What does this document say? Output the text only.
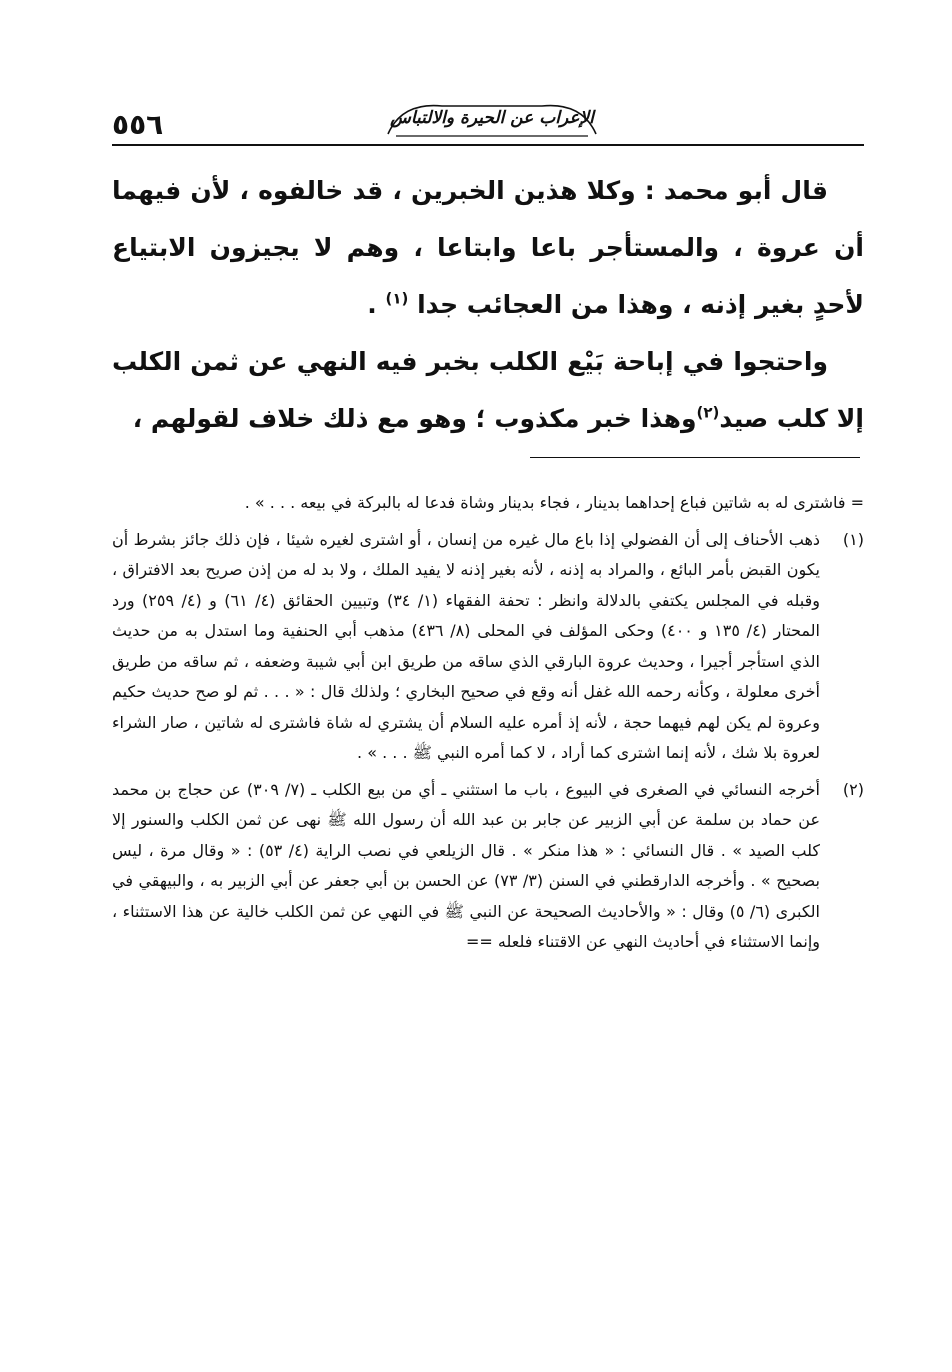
٥٥٦	الإعراب عن الحيرة والالتباس

قال أبو محمد : وكلا هذين الخبرين ، قد خالفوه ، لأن فيهما أن عروة ، والمستأجر باعا وابتاعا ، وهم لا يجيزون الابتياع لأحدٍ بغير إذنه ، وهذا من العجائب جدا $^{(١)}$ .

واحتجوا في إباحة بَيْع الكلب بخبر فيه النهي عن ثمن الكلب إلا كلب صيد$^{(٢)}$وهذا خبر مكذوب ؛ وهو مع ذلك خلاف لقولهم ،

= فاشترى له به شاتين فباع إحداهما بدينار ، فجاء بدينار وشاة فدعا له بالبركة في بيعه . . . » .

(١)
ذهب الأحناف إلى أن الفضولي إذا باع مال غيره من إنسان ، أو اشترى لغيره شيئا ، فإن ذلك جائز بشرط أن يكون القبض بأمر البائع ، والمراد به إذنه ، لأنه بغير إذنه لا يفيد الملك ، ولا بد له من إذن صريح بعد الافتراق ، وقبله في المجلس يكتفي بالدلالة وانظر : تحفة الفقهاء (١/ ٣٤) وتبيين الحقائق (٤/ ٦١) و (٤/ ٢٥٩) ورد المحتار (٤/ ١٣٥ و ٤٠٠) وحكى المؤلف في المحلى (٨/ ٤٣٦) مذهب أبي الحنفية وما استدل به من حديث الذي استأجر أجيرا ، وحديث عروة البارقي الذي ساقه من طريق ابن أبي شيبة وضعفه ، ثم ساقه من طريق أخرى معلولة ، وكأنه رحمه الله غفل أنه وقع في صحيح البخاري ؛ ولذلك قال : « . . . ثم لو صح حديث حكيم وعروة لم يكن لهم فيهما حجة ، لأنه إذ أمره عليه السلام أن يشتري له شاة فاشترى له شاتين ، صار الشراء لعروة بلا شك ، لأنه إنما اشترى كما أراد ، لا كما أمره النبي ﷺ . . . » .
(٢)
أخرجه النسائي في الصغرى في البيوع ، باب ما استثني ـ أي من بيع الكلب ـ (٧/ ٣٠٩) عن حجاج بن محمد عن حماد بن سلمة عن أبي الزبير عن جابر بن عبد الله أن رسول الله ﷺ نهى عن ثمن الكلب والسنور إلا كلب الصيد » . قال النسائي : « هذا منكر » . قال الزيلعي في نصب الراية (٤/ ٥٣) : « وقال مرة ، ليس بصحيح » . وأخرجه الدارقطني في السنن (٣/ ٧٣) عن الحسن بن أبي جعفر عن أبي الزبير به ، والبيهقي في الكبرى (٦/ ٥) وقال : « والأحاديث الصحيحة عن النبي ﷺ في النهي عن ثمن الكلب خالية عن هذا الاستثناء ، وإنما الاستثناء في أحاديث النهي عن الاقتناء فلعله ==
